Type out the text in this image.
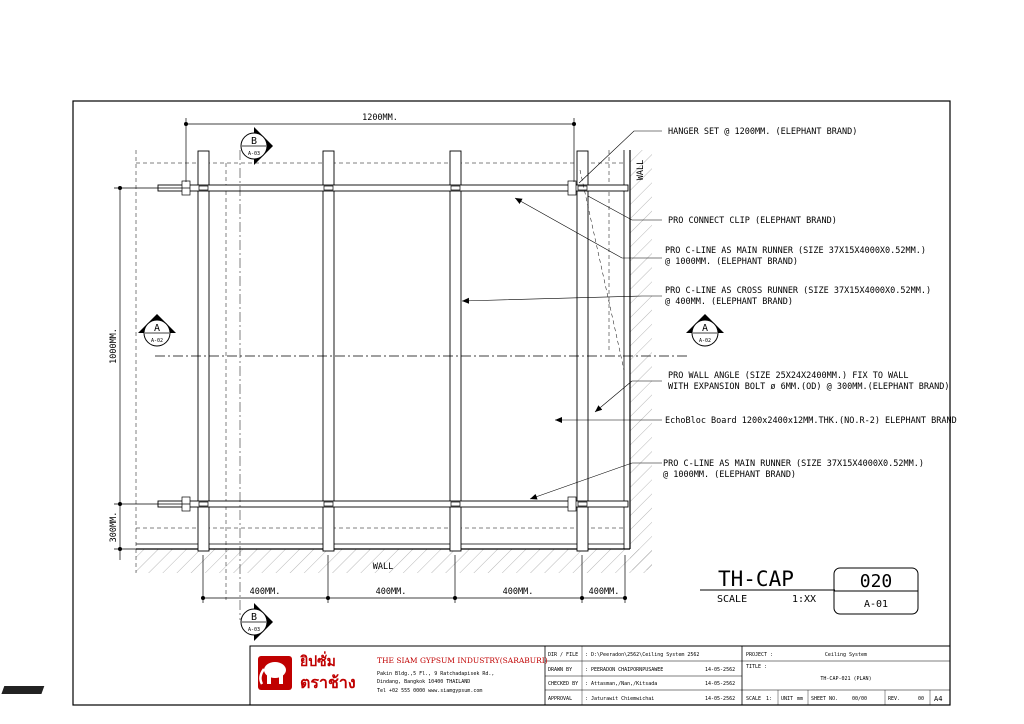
A
A-02
A
A-02
B
A-03
B
A-03
1200MM.
1000MM.
300MM.
400MM.	400MM.	400MM.	400MM.
WALL
WALL
HANGER SET @ 1200MM. (ELEPHANT BRAND)
PRO CONNECT CLIP (ELEPHANT BRAND)
PRO C-LINE AS MAIN RUNNER (SIZE 37X15X4000X0.52MM.)
@ 1000MM. (ELEPHANT BRAND)
PRO C-LINE AS CROSS RUNNER (SIZE 37X15X4000X0.52MM.)
@ 400MM. (ELEPHANT BRAND)
PRO WALL ANGLE (SIZE 25X24X2400MM.) FIX TO WALL
WITH EXPANSION BOLT ø 6MM.(OD) @ 300MM.(ELEPHANT BRAND)
EchoBloc Board 1200x2400x12MM.THK.(NO.R-2) ELEPHANT BRAND
PRO C-LINE AS MAIN RUNNER (SIZE 37X15X4000X0.52MM.)
@ 1000MM. (ELEPHANT BRAND)
TH-CAP
SCALE	1:XX
020
A-01
ยิปซั่ม
ตราช้าง
THE SIAM GYPSUM INDUSTRY(SARABURI)
Pakin Bldg.,5 Fl., 9 Ratchadapisek Rd.,
Dindang, Bangkok 10400 THAILAND
Tel +02 555 0000 www.siamgypsum.com
DIR / FILE : D:\Peeradon\2562\Ceiling System 2562
DRAWN BY	: PEERADON CHAIPORNPUSAWEE	14-05-2562
CHECKED BY : Attasman,/Nan,/Kitsada	14-05-2562
APPROVAL	: Jaturawit Chiemwichai	14-05-2562
PROJECT :	Ceiling System
TITLE :
TH-CAP-021 (PLAN)
SCALE 1: UNIT mm SHEET NO.	00/00	REV.	00 A4
